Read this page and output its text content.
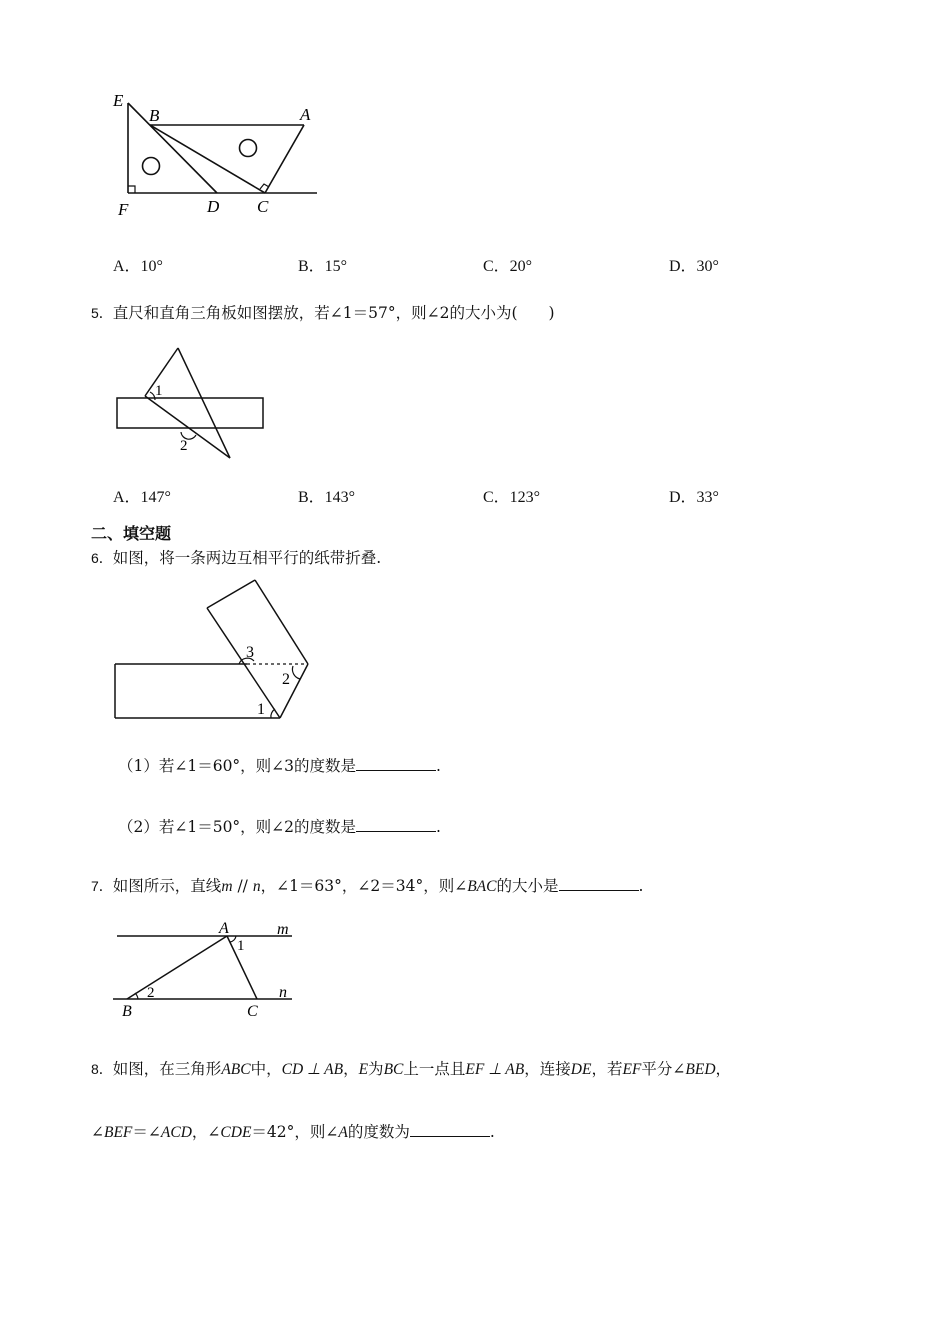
E
B	A
F	D C
A．10°	B．15°	C．20°	D．30°
5．直尺和直角三角板如图摆放，若∠1＝57°，则∠2的大小为(　　)
1
2
A．147°	B．143°	C．123°	D．33°
二、填空题
6．如图，将一条两边互相平行的纸带折叠.
3
2
1
（1）若∠1＝60°，则∠3的度数是	.
（2）若∠1＝50°，则∠2的度数是	.
7．如图所示，直线m // n，∠1＝63°，∠2＝34°，则∠BAC的大小是	.
A	m
1
2	n
B	C
8．如图，在三角形ABC中，CD ⊥ AB，E为BC上一点且EF ⊥ AB，连接DE，若EF平分∠BED，
∠BEF＝∠ACD，∠CDE＝42°，则∠A的度数为	.
